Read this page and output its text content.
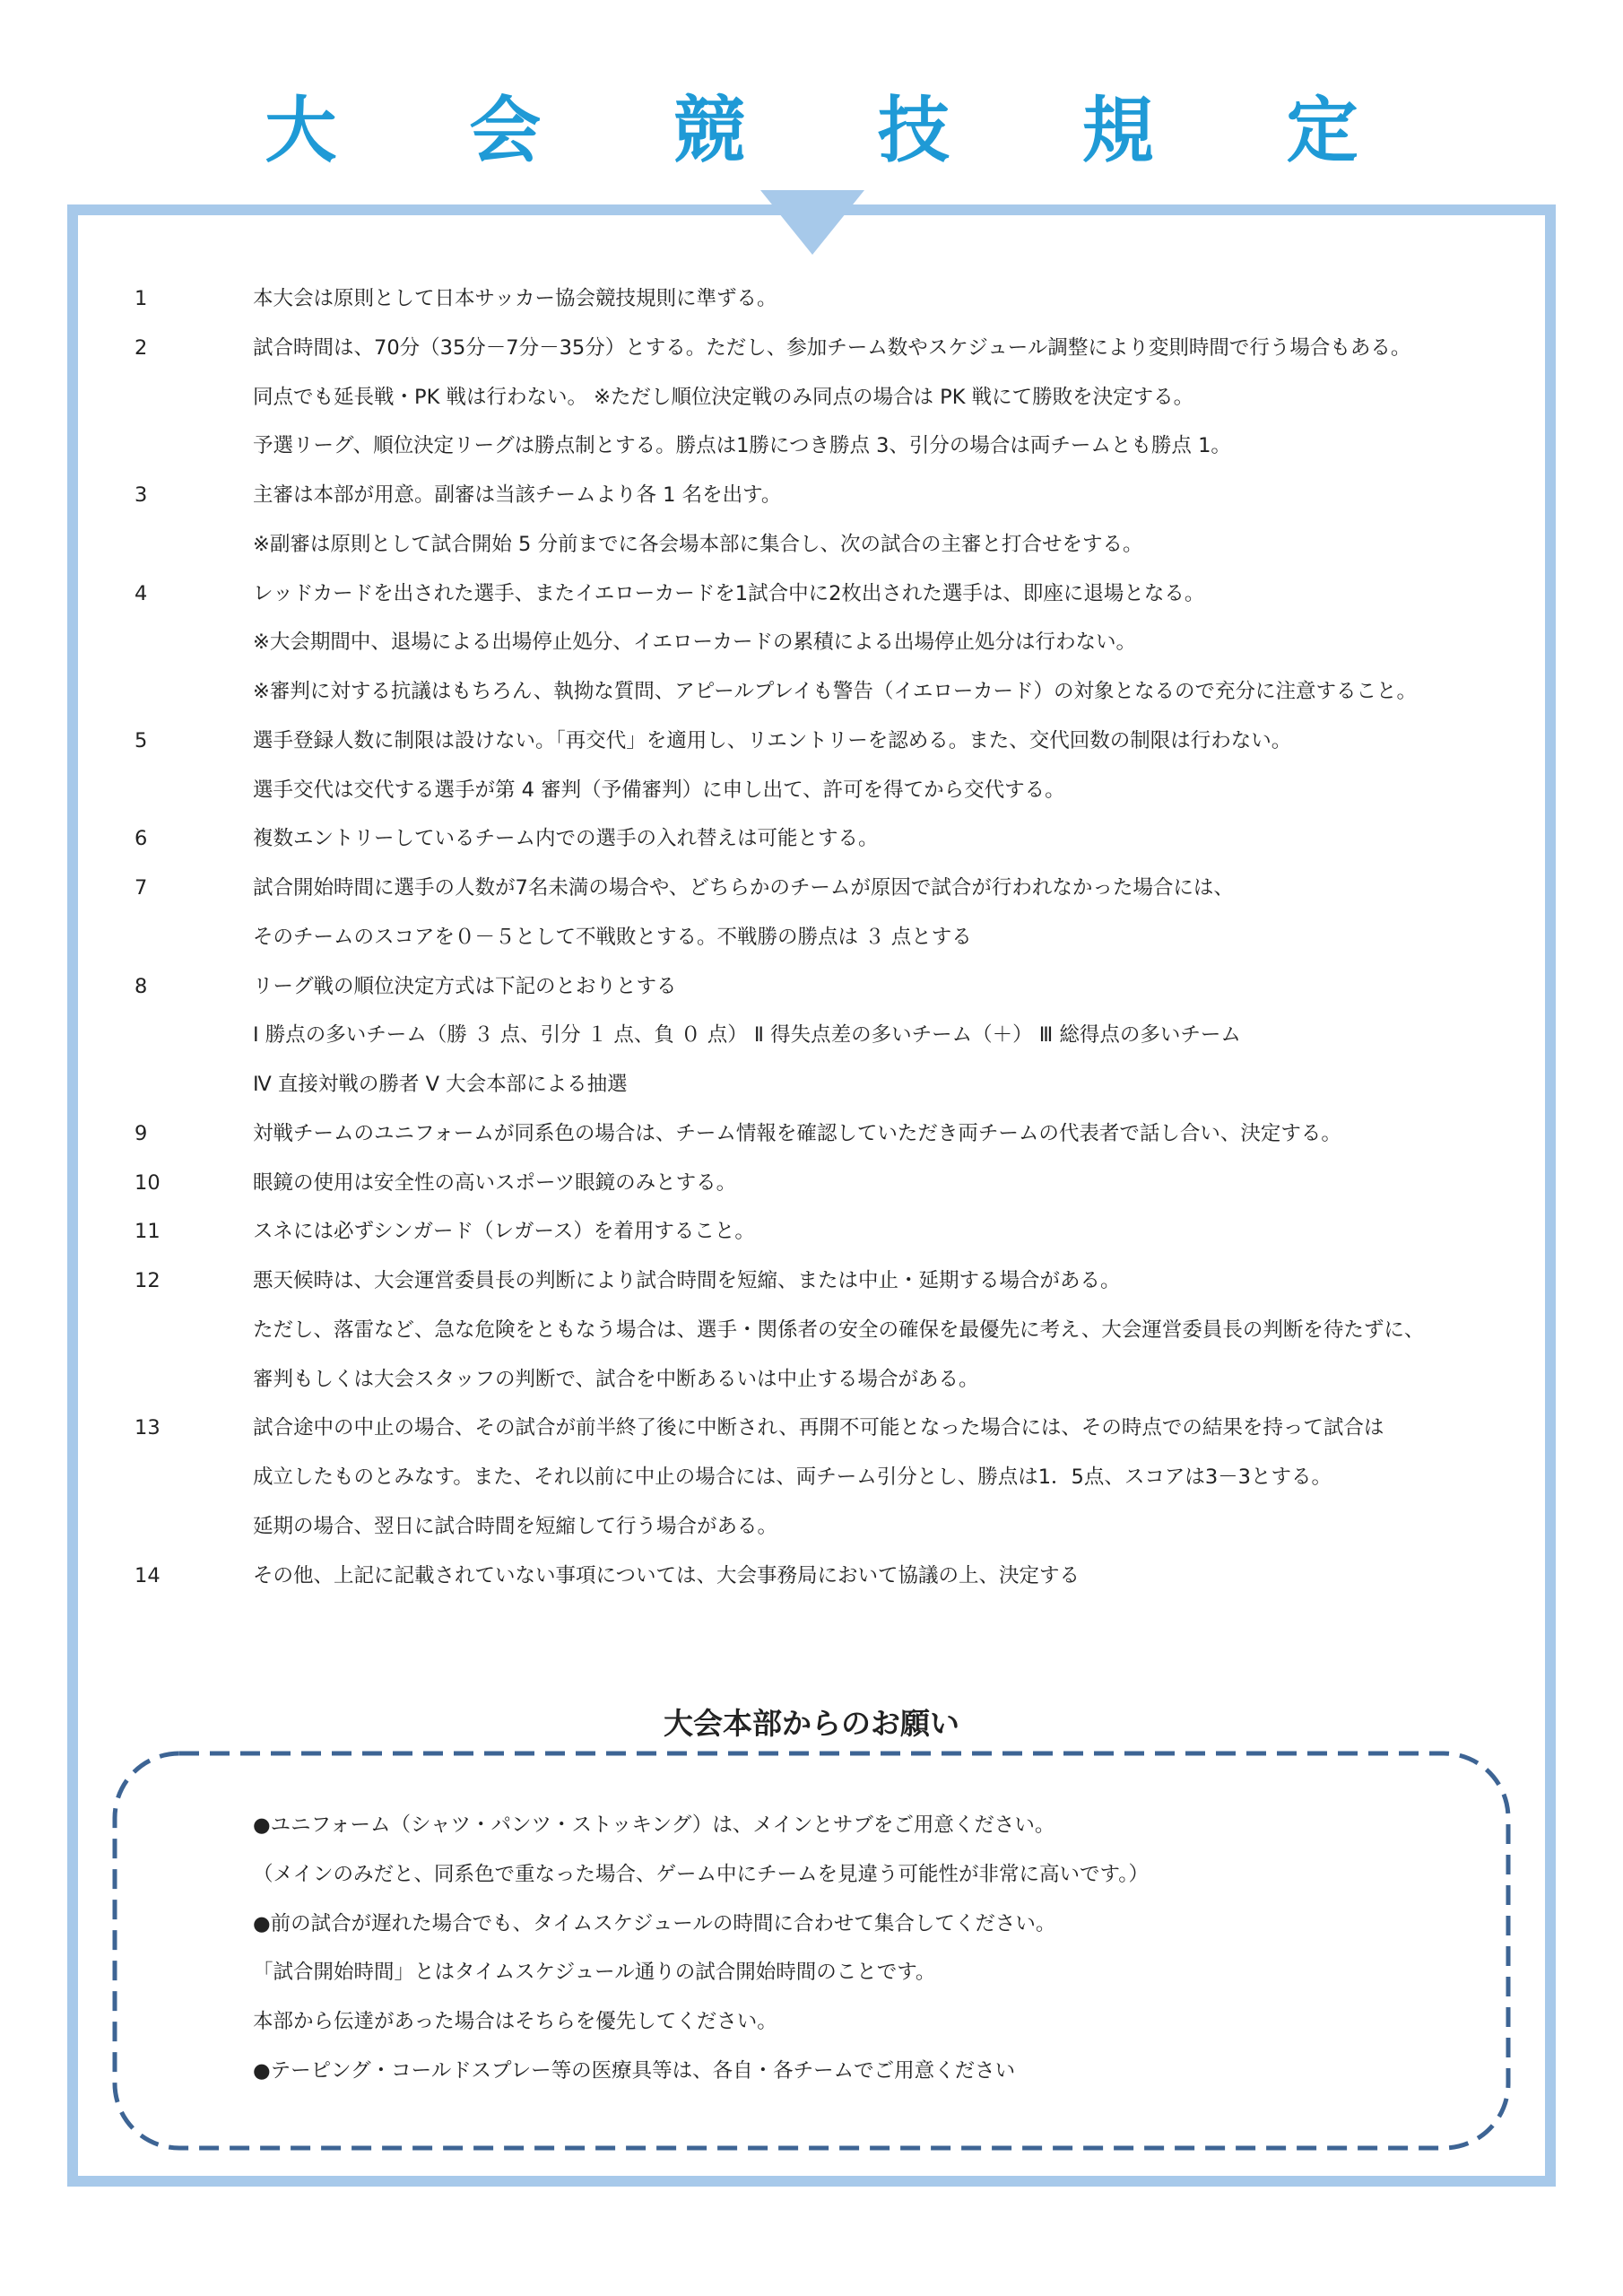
大 会 競 技 規 定
1	本大会は原則として日本サッカー協会競技規則に準ずる。
2	試合時間は、70分（35分－7分－35分）とする。ただし、参加チーム数やスケジュール調整により変則時間で行う場合もある。
同点でも延長戦・PK 戦は行わない。 ※ただし順位決定戦のみ同点の場合は PK 戦にて勝敗を決定する。
予選リーグ、順位決定リーグは勝点制とする。勝点は1勝につき勝点 3、引分の場合は両チームとも勝点 1。
3	主審は本部が用意。副審は当該チームより各 1 名を出す。
※副審は原則として試合開始 5 分前までに各会場本部に集合し、次の試合の主審と打合せをする。
4	レッドカードを出された選手、またイエローカードを1試合中に2枚出された選手は、即座に退場となる。
※大会期間中、退場による出場停止処分、イエローカードの累積による出場停止処分は行わない。
※審判に対する抗議はもちろん、執拗な質問、アピールプレイも警告（イエローカード）の対象となるので充分に注意すること。
5	選手登録人数に制限は設けない。「再交代」を適用し、リエントリーを認める。また、交代回数の制限は行わない。
選手交代は交代する選手が第 4 審判（予備審判）に申し出て、許可を得てから交代する。
6	複数エントリーしているチーム内での選手の入れ替えは可能とする。
7	試合開始時間に選手の人数が7名未満の場合や、どちらかのチームが原因で試合が行われなかった場合には、
そのチームのスコアを０－５として不戦敗とする。不戦勝の勝点は ３ 点とする
8	リーグ戦の順位決定方式は下記のとおりとする
Ⅰ 勝点の多いチーム（勝 ３ 点、引分 １ 点、負 ０ 点） Ⅱ 得失点差の多いチーム（＋） Ⅲ 総得点の多いチーム
Ⅳ 直接対戦の勝者 Ⅴ 大会本部による抽選
9	対戦チームのユニフォームが同系色の場合は、チーム情報を確認していただき両チームの代表者で話し合い、決定する。
10	眼鏡の使用は安全性の高いスポーツ眼鏡のみとする。
11	スネには必ずシンガード（レガース）を着用すること。
12	悪天候時は、大会運営委員長の判断により試合時間を短縮、または中止・延期する場合がある。
ただし、落雷など、急な危険をともなう場合は、選手・関係者の安全の確保を最優先に考え、大会運営委員長の判断を待たずに、
審判もしくは大会スタッフの判断で、試合を中断あるいは中止する場合がある。
13	試合途中の中止の場合、その試合が前半終了後に中断され、再開不可能となった場合には、その時点での結果を持って試合は
成立したものとみなす。また、それ以前に中止の場合には、両チーム引分とし、勝点は1．5点、スコアは3－3とする。
延期の場合、翌日に試合時間を短縮して行う場合がある。
14	その他、上記に記載されていない事項については、大会事務局において協議の上、決定する
大会本部からのお願い
●ユニフォーム（シャツ・パンツ・ストッキング）は、メインとサブをご用意ください。
（メインのみだと、同系色で重なった場合、ゲーム中にチームを見違う可能性が非常に高いです。）
●前の試合が遅れた場合でも、タイムスケジュールの時間に合わせて集合してください。
「試合開始時間」とはタイムスケジュール通りの試合開始時間のことです。
本部から伝達があった場合はそちらを優先してください。
●テーピング・コールドスプレー等の医療具等は、各自・各チームでご用意ください
